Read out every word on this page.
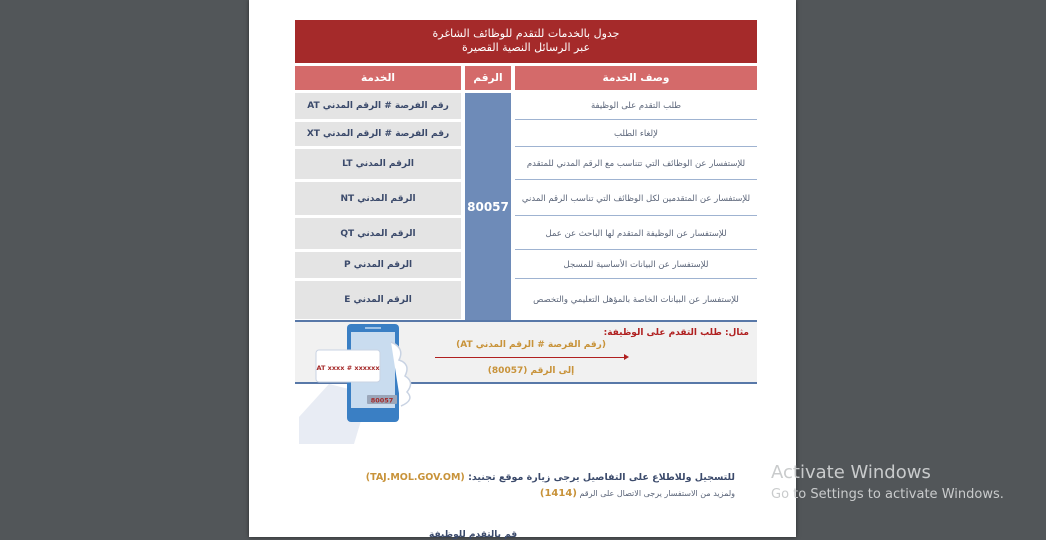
جدول بالخدمات للتقدم للوظائف الشاغرة
عبر الرسائل النصية القصيرة
الخدمة	الرقم	وصف الخدمة
80057
رقم الفرصة # الرقم المدني AT
رقم الفرصة # الرقم المدني XT
الرقم المدني LT
الرقم المدني NT
الرقم المدني QT
الرقم المدني P
الرقم المدني E
طلب التقدم على الوظيفة
لإلغاء الطلب
للإستفسار عن الوظائف التي تتناسب مع الرقم المدني للمتقدم
للإستفسار عن المتقدمين لكل الوظائف التي تناسب الرقم المدني
للإستفسار عن الوظيفة المتقدم لها الباحث عن عمل
للإستفسار عن البيانات الأساسية للمسجل
للإستفسار عن البيانات الخاصة بالمؤهل التعليمي والتخصص
مثال: طلب التقدم على الوظيفة:
(رقم الفرصة # الرقم المدني AT)
إلى الرقم (80057)
80057
AT xxxx # xxxxxx
للتسجيل وللاطلاع على التفاصيل يرجى زيارة موقع تجنيد: (TAJ.MOL.GOV.OM)
ولمزيد من الاستفسار يرجى الاتصال على الرقم (1414)
قم بالتقدم للوظيفة
Activate Windows
Go to Settings to activate Windows.
